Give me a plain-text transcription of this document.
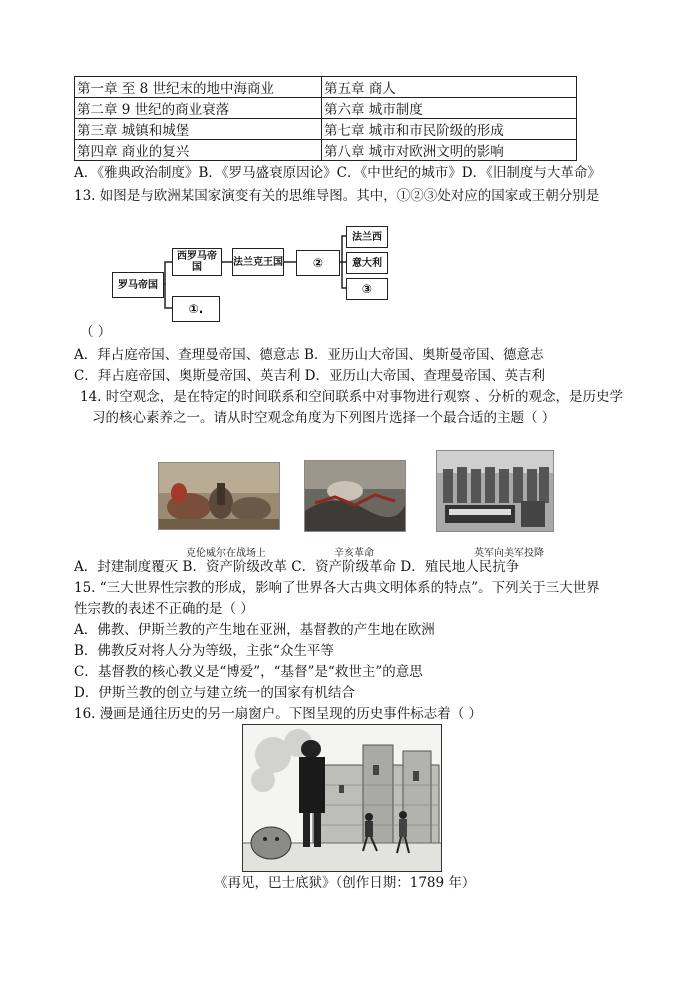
第一章 至 8 世纪末的地中海商业	第五章 商人
第二章 9 世纪的商业衰落	第六章 城市制度
第三章 城镇和城堡	第七章 城市和市民阶级的形成
第四章 商业的复兴	第八章 城市对欧洲文明的影响
A．《雅典政治制度》B．《罗马盛衰原因论》C．《中世纪的城市》D．《旧制度与大革命》
13. 如图是与欧洲某国家演变有关的思维导图。其中，①②③处对应的国家或王朝分别是
罗马帝国
西罗马帝国	法兰克王国	②
法兰西
意大利
③
①.
（ ）
A．拜占庭帝国、查理曼帝国、德意志 B．亚历山大帝国、奥斯曼帝国、德意志
C．拜占庭帝国、奥斯曼帝国、英吉利 D．亚历山大帝国、查理曼帝国、英吉利
14. 时空观念，是在特定的时间联系和空间联系中对事物进行观察 、分析的观念，是历史学
习的核心素养之一。请从时空观念角度为下列图片选择一个最合适的主题（ ）
克伦威尔在战场上	辛亥革命	英军向美军投降
A．封建制度覆灭 B．资产阶级改革 C．资产阶级革命 D．殖民地人民抗争
15. “三大世界性宗教的形成，影响了世界各大古典文明体系的特点”。下列关于三大世界
性宗教的表述不正确的是（ ）
A．佛教、伊斯兰教的产生地在亚洲，基督教的产生地在欧洲
B．佛教反对将人分为等级，主张“众生平等
C．基督教的核心教义是“博爱”，“基督”是“救世主”的意思
D．伊斯兰教的创立与建立统一的国家有机结合
16. 漫画是通往历史的另一扇窗户。下图呈现的历史事件标志着（ ）
《再见，巴士底狱》（创作日期：1789 年）
